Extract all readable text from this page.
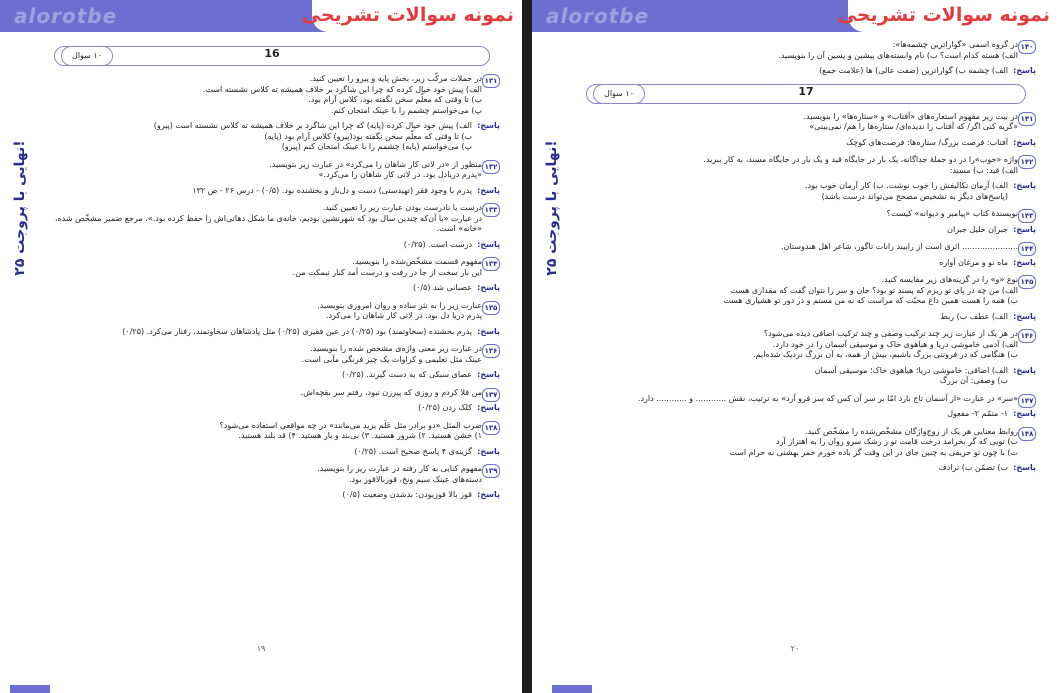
alorotbe	نمونه سوالات تشریحی
۲۵ نهایی با پروجت!
16
۱۰ سوال
۱۳۱

در جملات مرکّب زیر، بخش پایه و پیرو را تعیین کنید.

الف) پیش خود خیال کرده که چرا این شاگرد بر خلاف همیشه ته کلاس نشسته است.

ب) تا وقتی که معلّم سخن نگفته بود، کلاس آرام بود.

پ) می‌خواستم چشمم را با عینک امتحان کنم.

پاسخ:

الف) پیش خود خیال کرده (پایه) که چرا این شاگرد بر خلاف همیشه ته کلاس نشسته است (پیرو)

ب) تا وقتی که معلّم سخن نگفته بود(پیرو) کلاس آرام بود (پایه)

پ) می‌خواستم (پایه) چشمم را با عینک امتحان کنم (پیرو)

۱۳۲

منظور از «در لاتی کار شاهان را می‌کرد» در عبارت زیر بنویسید.

«پدرم دریادل بود. در لاتی کار شاهان را می‌کرد.»

پاسخ:

پدرم با وجود فقر (تهیدستی) دست و دل‌باز و بخشنده بود. (۰/۵) - درس ۲۶ - ص ۱۳۲

۱۳۳

درست یا نادرست بودن عبارت زیر را تعیین کنید.

در عبارت «با آن‌که چندین سال بود که شهرنشین بودیم، خانه‌ی ما شکل دهاتی‌اش را حفظ کرده بود.»، مرجع ضمیر مشخّص شده، «خانه» است.

پاسخ:

درست است. (۰/۲۵)

۱۳۴

مفهوم قسمت مشخّص‌شده را بنویسید.

این بار سخت از جا در رفت و درست آمد کنار نیمکت من.

پاسخ:

عصبانی شد (۰/۵)

۱۳۵

عبارت زیر را به نثر ساده و روان امروزی بنویسید.

پدرم دریا دل بود. در لاتی کار شاهان را می‌کرد.

پاسخ:

پدرم بخشنده (سخاوتمند) بود (۰/۲۵) در عین فقیری (۰/۲۵) مثل پادشاهان سخاوتمند، رفتار می‌کرد. (۰/۲۵)

۱۳۶

در عبارت زیر معنی واژه‌ی مشخص شده را بنویسید.

عینک مثل تعلیمی و کراوات یک چیز فرنگی مآبی است.

پاسخ:

عصای سبکی که به دست گیرند. (۰/۲۵)

۱۳۷

من قلا کردم و روزی که پیرزن نبود، رفتم سر بقچه‌اش.

پاسخ:

کلک زدن (۰/۲۵)

۱۳۸

ضرب المثل «دو برادر مثل عَلَم یزید می‌مانند» در چه مواقعی استفاده می‌شود؟

۱) خشن هستید. ۲) شرور هستید. ۳) بی‌بند و بار هستید. ۴) قد بلند هستید.

پاسخ:

گزینه‌ی ۴ پاسخ صحیح است. (۰/۲۵)

۱۳۹

مفهوم کنایی به کار رفته در عبارت زیر را بنویسید.

دسته‌های عینک سیم ونخ، قوزبالاقوز بود.

پاسخ:

قوز بالا قوزبودن: بدشدن وضعیت (۰/۵)

۱۹
alorotbe	نمونه سوالات تشریحی
۲۵ نهایی با پروجت!
۱۴۰

در گروه اسمی «گواراترین چشمه‌ها»:

الف) هسته کدام است؟ ب) نام وابسته‌های پیشین و پسین آن را بنویسید.

پاسخ:

الف) چشمه ب) گواراترین (صفت عالی) ها (علامت جمع)

17
۱۰ سوال
۱۴۱

در بیت زیر مفهوم استعاره‌های «آفتاب» و «ستاره‌ها» را بنویسید.

«گریه کنی اگر/ که آفتاب را ندیده‌ای/ ستاره‌ها را هم/ نمی‌بینی»

پاسخ:

آفتاب: فرصت بزرگ/ ستاره‌ها: فرصت‌های کوچک

۱۴۲

واژه «خوب»‌را در دو جملهٔ جداگانه، یک بار در جایگاه قید و یک بار در جایگاه مسند، به کار ببرید.

الف) قید: ب) مسند:

پاسخ:

الف) آرمان تکالیفش را خوب نوشت. ب) کار آرمان خوب بود.

(پاسخ‌های دیگر به تشخیص مصحح می‌تواند درست باشد)

۱۴۳

نویسندهٔ کتاب «پیامبر و دیوانه» کیست؟

پاسخ:

جبران خلیل جبران

۱۴۴

...................... اثری است از رابیند رانات تاگور، شاعر اهل هندوستان.

پاسخ:

ماه نو و مرغان آواره

۱۴۵

نوع «و» را در گزینه‌های زیر مقایسه کنید.

الف) من چه در پای تو ریزم که پسند تو بود؟ جان و سر را نتوان گفت که مقداری هست

ب) همه را هست همین داغ محبّت که مراست که نه من مستم و در دور تو هشیاری هست

پاسخ:

الف) عطف ب) ربط

۱۴۶

در هر یک از عبارت زیر چند ترکیب وصفی و چند ترکیب اضافی دیده می‌شود؟

الف) آدمی خاموشی دریا و هیاهوی خاک و موسیقی آسمان را در خود دارد.

ب) هنگامی که در فروتنی بزرگ باشیم، بیش از همه، به آن بزرگ نزدیک شده‌ایم.

پاسخ:

الف) اضافی: خاموشی دریا؛ هیاهوی خاک؛ موسیقی آسمان

ب) وصفی: آن بزرگ

۱۴۷

«سر» در عبارت «از آسمان تاج بارد امّا بر سر آن کس که سر فرو آرد» به ترتیب، نقش ............ و ............ دارد.

پاسخ:

۱- متمّم ۲- مفعول

۱۴۸

روابط معنایی هر یک از زوج‌واژگان مشخّص‌شده را مشخّص کنید.

ب) تویی که گر بخرامد درخت قامت تو ز رشک سرو روان را به اهتزاز آرد

ت) با چون تو حریفی به چنین جای در این وقت گر باده خورم خمر بهشتی نه حرام است

پاسخ:

ب) تضمّن ب) ترادف

۲۰
